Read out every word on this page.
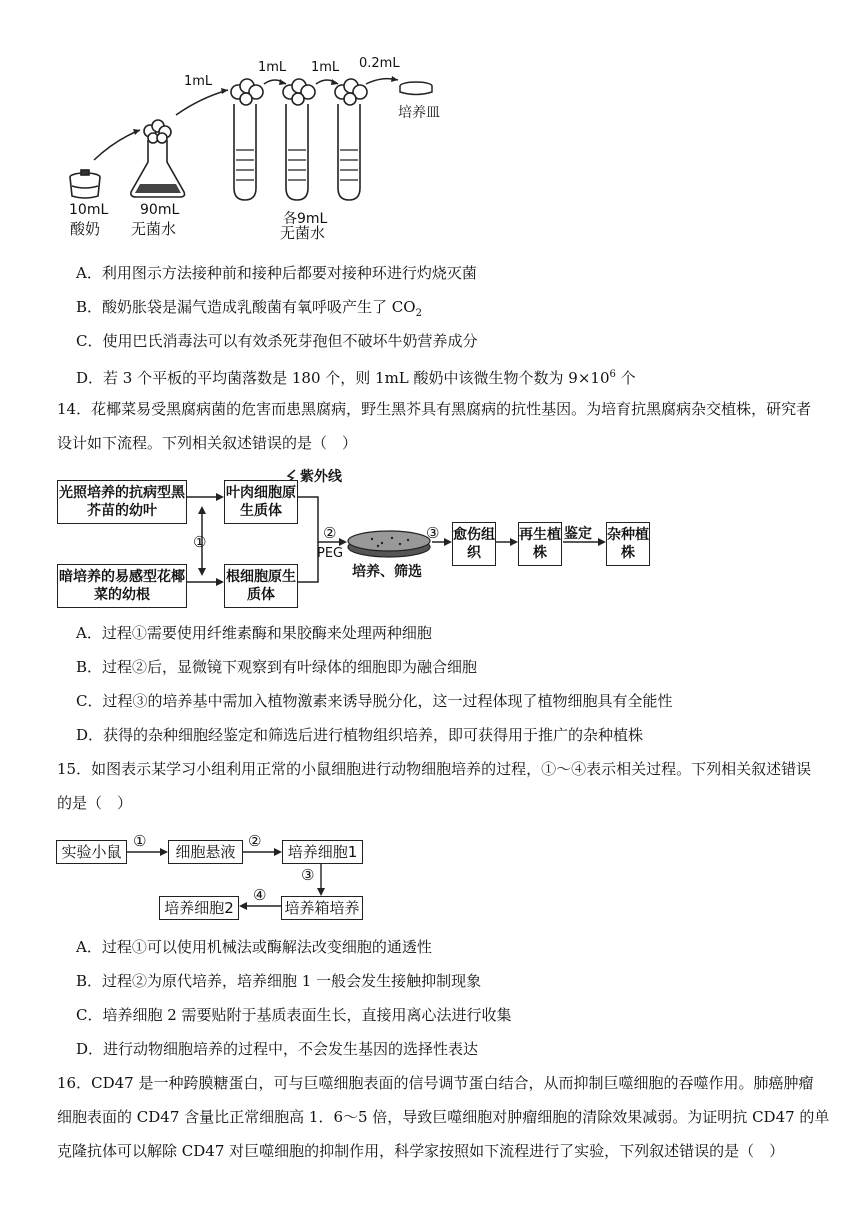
1mL
1mL 1mL 0.2mL
培养皿
10mL
酸奶
90mL
无菌水
各9mL
无菌水
A．利用图示方法接种前和接种后都要对接种环进行灼烧灭菌
B．酸奶胀袋是漏气造成乳酸菌有氧呼吸产生了 $CO_2$
C．使用巴氏消毒法可以有效杀死芽孢但不破坏牛奶营养成分
D．若 3 个平板的平均菌落数是 180 个，则 1mL 酸奶中该微生物个数为 $9\times 10^6$ 个
14．花椰菜易受黑腐病菌的危害而患黑腐病，野生黑芥具有黑腐病的抗性基因。为培育抗黑腐病杂交植株，研究者
设计如下流程。下列相关叙述错误的是（　）
光照培养的抗病型黑芥苗的幼叶
叶肉细胞原生质体
暗培养的易感型花椰菜的幼根
根细胞原生质体
紫外线
①	②
PEG
③
培养、筛选
愈伤组织
再生植株
鉴定 杂种植株
A．过程①需要使用纤维素酶和果胶酶来处理两种细胞
B．过程②后，显微镜下观察到有叶绿体的细胞即为融合细胞
C．过程③的培养基中需加入植物激素来诱导脱分化，这一过程体现了植物细胞具有全能性
D．获得的杂种细胞经鉴定和筛选后进行植物组织培养，即可获得用于推广的杂种植株
15．如图表示某学习小组利用正常的小鼠细胞进行动物细胞培养的过程，①～④表示相关过程。下列相关叙述错误
的是（　）
实验小鼠	细胞悬液	培养细胞1
培养箱培养
培养细胞2
①	②
③
④
A．过程①可以使用机械法或酶解法改变细胞的通透性
B．过程②为原代培养，培养细胞 1 一般会发生接触抑制现象
C．培养细胞 2 需要贴附于基质表面生长，直接用离心法进行收集
D．进行动物细胞培养的过程中，不会发生基因的选择性表达
16．CD47 是一种跨膜糖蛋白，可与巨噬细胞表面的信号调节蛋白结合，从而抑制巨噬细胞的吞噬作用。肺癌肿瘤
细胞表面的 CD47 含量比正常细胞高 1．6～5 倍，导致巨噬细胞对肿瘤细胞的清除效果减弱。为证明抗 CD47 的单
克隆抗体可以解除 CD47 对巨噬细胞的抑制作用，科学家按照如下流程进行了实验，下列叙述错误的是（　）
